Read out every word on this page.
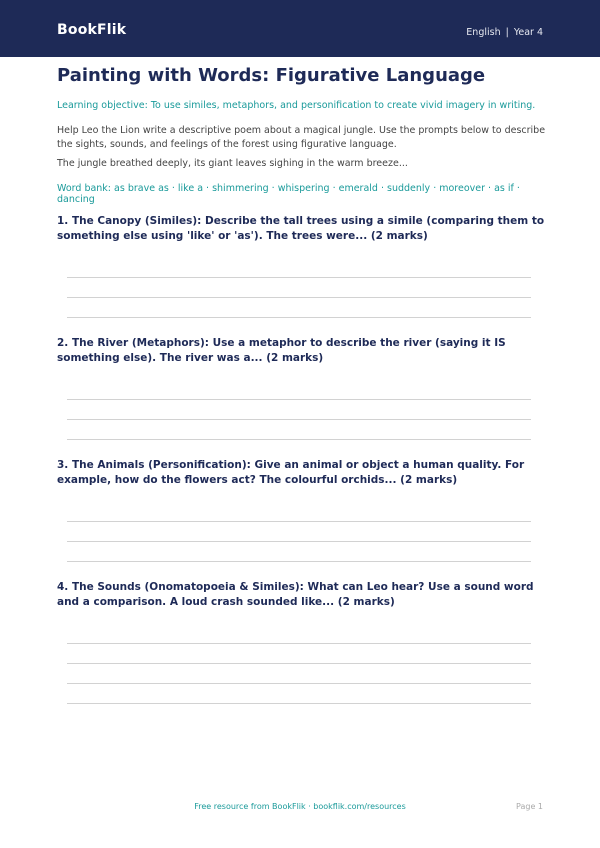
BookFlik	English | Year 4
Painting with Words: Figurative Language
Learning objective: To use similes, metaphors, and personification to create vivid imagery in writing.
Help Leo the Lion write a descriptive poem about a magical jungle. Use the prompts below to describe the sights, sounds, and feelings of the forest using figurative language.
The jungle breathed deeply, its giant leaves sighing in the warm breeze...
Word bank: as brave as · like a · shimmering · whispering · emerald · suddenly · moreover · as if · dancing
1. The Canopy (Similes): Describe the tall trees using a simile (comparing them to something else using 'like' or 'as'). The trees were... (2 marks)
2. The River (Metaphors): Use a metaphor to describe the river (saying it IS something else). The river was a... (2 marks)
3. The Animals (Personification): Give an animal or object a human quality. For example, how do the flowers act? The colourful orchids... (2 marks)
4. The Sounds (Onomatopoeia & Similes): What can Leo hear? Use a sound word and a comparison. A loud crash sounded like... (2 marks)
Free resource from BookFlik · bookflik.com/resources	Page 1
